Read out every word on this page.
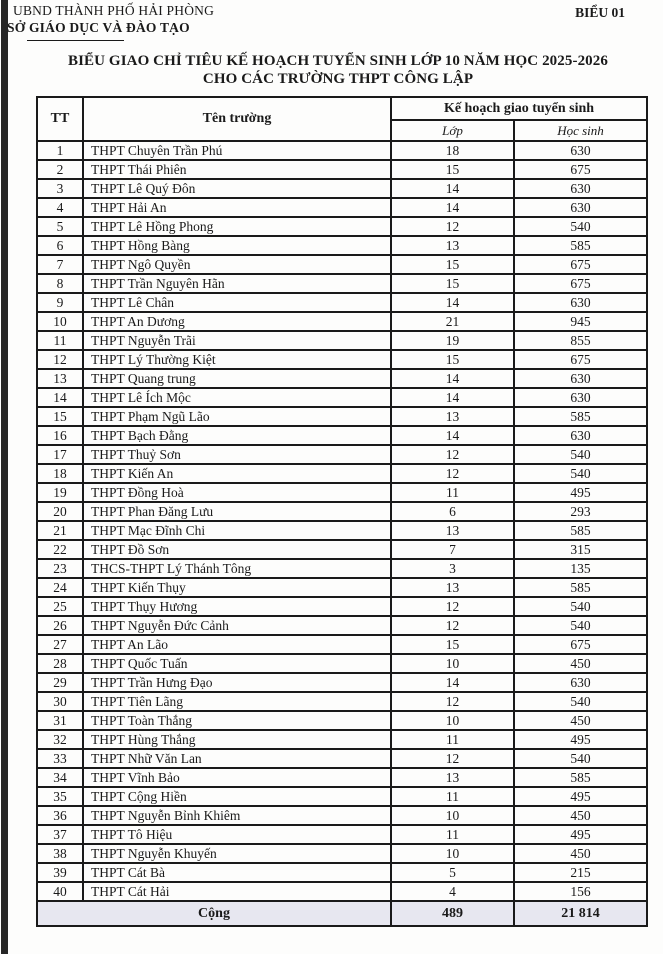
UBND THÀNH PHỐ HẢI PHÒNG
SỞ GIÁO DỤC VÀ ĐÀO TẠO
BIỂU 01
BIỂU GIAO CHỈ TIÊU KẾ HOẠCH TUYỂN SINH LỚP 10 NĂM HỌC 2025-2026
CHO CÁC TRƯỜNG THPT CÔNG LẬP
TT	Tên trường	Kế hoạch giao tuyển sinh	
		Lớp	Học sinh
1	THPT Chuyên Trần Phú	18	630
2	THPT Thái Phiên	15	675
3	THPT Lê Quý Đôn	14	630
4	THPT Hải An	14	630
5	THPT Lê Hồng Phong	12	540
6	THPT Hồng Bàng	13	585
7	THPT Ngô Quyền	15	675
8	THPT Trần Nguyên Hãn	15	675
9	THPT Lê Chân	14	630
10	THPT An Dương	21	945
11	THPT Nguyễn Trãi	19	855
12	THPT Lý Thường Kiệt	15	675
13	THPT Quang trung	14	630
14	THPT Lê Ích Mộc	14	630
15	THPT Phạm Ngũ Lão	13	585
16	THPT Bạch Đằng	14	630
17	THPT Thuỷ Sơn	12	540
18	THPT Kiến An	12	540
19	THPT Đồng Hoà	11	495
20	THPT Phan Đăng Lưu	6	293
21	THPT Mạc Đĩnh Chi	13	585
22	THPT Đồ Sơn	7	315
23	THCS-THPT Lý Thánh Tông	3	135
24	THPT Kiến Thụy	13	585
25	THPT Thụy Hương	12	540
26	THPT Nguyễn Đức Cảnh	12	540
27	THPT An Lão	15	675
28	THPT Quốc Tuấn	10	450
29	THPT Trần Hưng Đạo	14	630
30	THPT Tiên Lãng	12	540
31	THPT Toàn Thắng	10	450
32	THPT Hùng Thắng	11	495
33	THPT Nhữ Văn Lan	12	540
34	THPT Vĩnh Bảo	13	585
35	THPT Cộng Hiền	11	495
36	THPT Nguyễn Bỉnh Khiêm	10	450
37	THPT Tô Hiệu	11	495
38	THPT Nguyễn Khuyến	10	450
39	THPT Cát Bà	5	215
40	THPT Cát Hải	4	156
Cộng		489	21 814
